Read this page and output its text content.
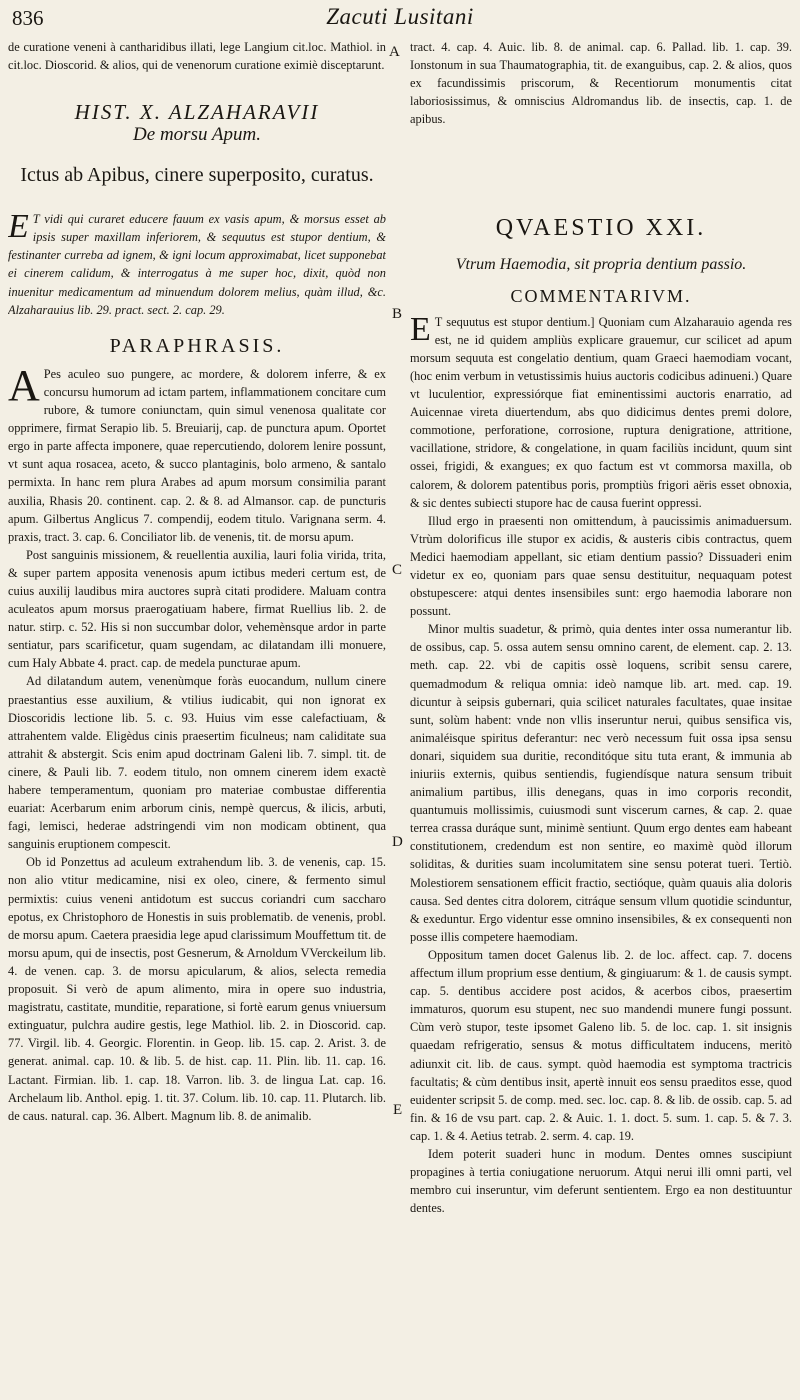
836	Zacuti Lusitani
A
B
C
D
E

de curatione veneni à cantharidibus illati, lege Langium cit.loc. Mathiol. in cit.loc. Dioscorid. & alios, qui de venenorum curatione eximiè disceptarunt.

HIST. X. ALZAHARAVII
De morsu Apum.
Ictus ab Apibus, cinere superposito, curatus.

E T vidi qui curaret educere fauum ex vasis apum, & morsus esset ab ipsis super maxillam inferiorem, & sequutus est stupor dentium, & festinanter curreba ad ignem, & igni locum approximabat, licet supponebat ei cinerem calidum, & interrogatus à me super hoc, dixit, quòd non inuenitur medicamentum ad minuendum dolorem melius, quàm illud, &c. Alzaharauius lib. 29. pract. sect. 2. cap. 29.

PARAPHRASIS.

A Pes aculeo suo pungere, ac mordere, & dolorem inferre, & ex concursu humorum ad ictam partem, inflammationem concitare cum rubore, & tumore coniunctam, quin simul venenosa qualitate cor opprimere, firmat Serapio lib. 5. Breuiarij, cap. de punctura apum. Oportet ergo in parte affecta imponere, quae repercutiendo, dolorem lenire possunt, vt sunt aqua rosacea, aceto, & succo plantaginis, bolo armeno, & santalo permixta. In hanc rem plura Arabes ad apum morsum consimilia parant auxilia, Rhasis 20. continent. cap. 2. & 8. ad Almansor. cap. de puncturis apum. Gilbertus Anglicus 7. compendij, eodem titulo. Varignana serm. 4. praxis, tract. 3. cap. 6. Conciliator lib. de venenis, tit. de morsu apum.

Post sanguinis missionem, & reuellentia auxilia, lauri folia virida, trita, & super partem apposita venenosis apum ictibus mederi certum est, de cuius auxilij laudibus mira auctores suprà citati prodidere. Maluam contra aculeatos apum morsus praerogatiuam habere, firmat Ruellius lib. 2. de natur. stirp. c. 52. His si non succumbar dolor, vehemènsque ardor in parte sentiatur, pars scarificetur, quam sugendam, ac dilatandam illi monuere, cum Haly Abbate 4. pract. cap. de medela puncturae apum.

Ad dilatandum autem, venenùmque foràs euocandum, nullum cinere praestantius esse auxilium, & vtilius iudicabit, qui non ignorat ex Dioscoridis lectione lib. 5. c. 93. Huius vim esse calefactiuam, & attrahentem valde. Eligèdus cinis praesertim ficulneus; nam caliditate sua attrahit & abstergit. Scis enim apud doctrinam Galeni lib. 7. simpl. tit. de cinere, & Pauli lib. 7. eodem titulo, non omnem cinerem idem exactè habere temperamentum, quoniam pro materiae combustae differentia euariat: Acerbarum enim arborum cinis, nempè quercus, & ilicis, arbuti, fagi, lemisci, hederae adstringendi vim non modicam obtinent, qua sanguinis eruptionem compescit.

Ob id Ponzettus ad aculeum extrahendum lib. 3. de venenis, cap. 15. non alio vtitur medicamine, nisi ex oleo, cinere, & fermento simul permixtis: cuius veneni antidotum est succus coriandri cum saccharo epotus, ex Christophoro de Honestis in suis problematib. de venenis, probl. de morsu apum. Caetera praesidia lege apud clarissimum Mouffettum tit. de morsu apum, qui de insectis, post Gesnerum, & Arnoldum VVerckeilum lib. 4. de venen. cap. 3. de morsu apicularum, & alios, selecta remedia proposuit. Si verò de apum alimento, mira in opere suo industria, magistratu, castitate, munditie, reparatione, si fortè earum genus vniuersum extinguatur, pulchra audire gestis, lege Mathiol. lib. 2. in Dioscorid. cap. 77. Virgil. lib. 4. Georgic. Florentin. in Geop. lib. 15. cap. 2. Arist. 3. de generat. animal. cap. 10. & lib. 5. de hist. cap. 11. Plin. lib. 11. cap. 16. Lactant. Firmian. lib. 1. cap. 18. Varron. lib. 3. de lingua Lat. cap. 16. Archelaum lib. Anthol. epig. 1. tit. 37. Colum. lib. 10. cap. 11. Plutarch. lib. de caus. natural. cap. 36. Albert. Magnum lib. 8. de animalib.

tract. 4. cap. 4. Auic. lib. 8. de animal. cap. 6. Pallad. lib. 1. cap. 39. Ionstonum in sua Thaumatographia, tit. de exanguibus, cap. 2. & alios, quos ex facundissimis priscorum, & Recentiorum monumentis citat laboriosissimus, & omniscius Aldromandus lib. de insectis, cap. 1. de apibus.

QVAESTIO XXI.
Vtrum Haemodia, sit propria dentium passio.
COMMENTARIVM.

E T sequutus est stupor dentium.] Quoniam cum Alzaharauio agenda res est, ne id quidem ampliùs explicare grauemur, cur scilicet ad apum morsum sequuta est congelatio dentium, quam Graeci haemodiam vocant, (hoc enim verbum in vetustissimis huius auctoris codicibus adinueni.) Quare vt luculentior, expressiórque fiat eminentissimi auctoris enarratio, ad Auicennae vireta diuertendum, abs quo didicimus dentes premi dolore, commotione, perforatione, corrosione, ruptura denigratione, attritione, vacillatione, stridore, & congelatione, in quam faciliùs incidunt, quum sint ossei, frigidi, & exangues; ex quo factum est vt commorsa maxilla, ob calorem, & dolorem patentibus poris, promptiùs frigori aëris esset obnoxia, & sic dentes subiecti stupore hac de causa fuerint oppressi.

Illud ergo in praesenti non omittendum, à paucissimis animaduersum. Vtrùm dolorificus ille stupor ex acidis, & austeris cibis contractus, quem Medici haemodiam appellant, sic etiam dentium passio? Dissuaderi enim videtur ex eo, quoniam pars quae sensu destituitur, nequaquam potest obstupescere: atqui dentes insensibiles sunt: ergo haemodia laborare non possunt.

Minor multis suadetur, & primò, quia dentes inter ossa numerantur lib. de ossibus, cap. 5. ossa autem sensu omnino carent, de element. cap. 2. 13. meth. cap. 22. vbi de capitis ossè loquens, scribit sensu carere, quemadmodum & reliqua omnia: ideò namque lib. art. med. cap. 19. dicuntur à seipsis gubernari, quia scilicet naturales facultates, quae insitae sunt, solùm habent: vnde non vllis inseruntur nerui, quibus sensifica vis, animaléisque spiritus deferantur: nec verò necessum fuit ossa ipsa sensu donari, siquidem sua duritie, reconditóque situ tuta erant, & immunia ab iniuriis externis, quibus sentiendis, fugiendísque natura sensum tribuit animalium partibus, illis denegans, quas in imo corporis recondit, quantumuis mollissimis, cuiusmodi sunt viscerum carnes, & cap. 2. quae terrea crassa duráque sunt, minimè sentiunt. Quum ergo dentes eam habeant constitutionem, credendum est non sentire, eo maximè quòd illorum soliditas, & durities suam incolumitatem sine sensu poterat tueri. Tertiò. Molestiorem sensationem efficit fractio, sectióque, quàm quauis alia doloris causa. Sed dentes citra dolorem, citráque sensum vllum quotidie scinduntur, & exeduntur. Ergo videntur esse omnino insensibiles, & ex consequenti non posse illis competere haemodiam.

Oppositum tamen docet Galenus lib. 2. de loc. affect. cap. 7. docens affectum illum proprium esse dentium, & gingiuarum: & 1. de causis sympt. cap. 5. dentibus accidere post acidos, & acerbos cibos, praesertim immaturos, quorum esu stupent, nec suo mandendi munere fungi possunt. Cùm verò stupor, teste ipsomet Galeno lib. 5. de loc. cap. 1. sit insignis quaedam refrigeratio, sensus & motus difficultatem inducens, meritò adiunxit cit. lib. de caus. sympt. quòd haemodia est symptoma tractricis facultatis; & cùm dentibus insit, apertè innuit eos sensu praeditos esse, quod euidenter scripsit 5. de comp. med. sec. loc. cap. 8. & lib. de ossib. cap. 5. ad fin. & 16 de vsu part. cap. 2. & Auic. 1. 1. doct. 5. sum. 1. cap. 5. & 7. 3. cap. 1. & 4. Aetius tetrab. 2. serm. 4. cap. 19.

Idem poterit suaderi hunc in modum. Dentes omnes suscipiunt propagines à tertia coniugatione neruorum. Atqui nerui illi omni parti, vel membro cui inseruntur, vim deferunt sentientem. Ergo ea non destituuntur dentes.
